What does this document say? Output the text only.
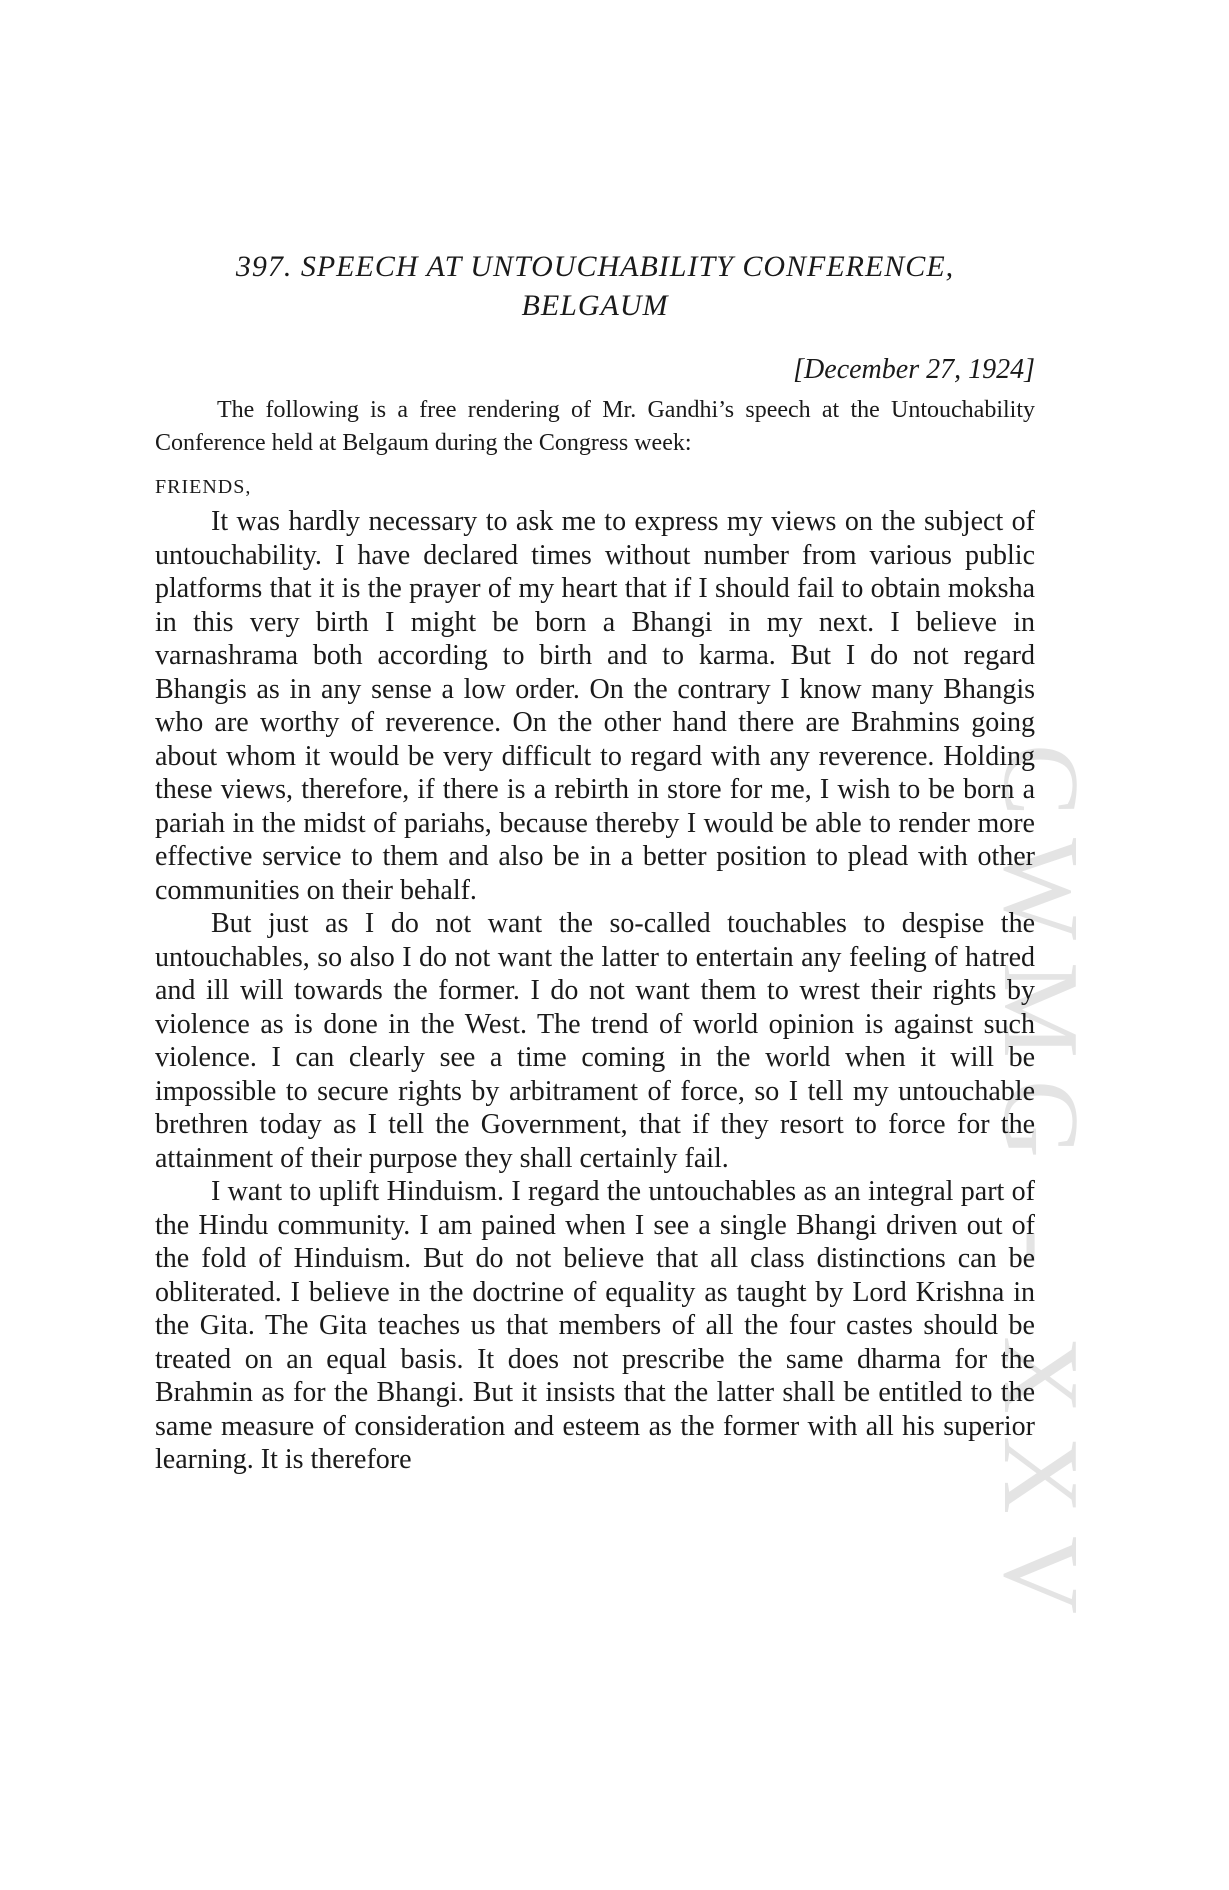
CWMG - XXV
397. SPEECH AT UNTOUCHABILITY CONFERENCE,
BELGAUM

[December 27, 1924]

The following is a free rendering of Mr. Gandhi’s speech at the Untouchability Conference held at Belgaum during the Congress week:

FRIENDS,

It was hardly necessary to ask me to express my views on the subject of untouchability. I have declared times without number from various public platforms that it is the prayer of my heart that if I should fail to obtain moksha in this very birth I might be born a Bhangi in my next. I believe in varnashrama both according to birth and to karma. But I do not regard Bhangis as in any sense a low order. On the contrary I know many Bhangis who are worthy of reverence. On the other hand there are Brahmins going about whom it would be very difficult to regard with any reverence. Holding these views, therefore, if there is a rebirth in store for me, I wish to be born a pariah in the midst of pariahs, because thereby I would be able to render more effective service to them and also be in a better position to plead with other communities on their behalf.

But just as I do not want the so-called touchables to despise the untouchables, so also I do not want the latter to entertain any feeling of hatred and ill will towards the former. I do not want them to wrest their rights by violence as is done in the West. The trend of world opinion is against such violence. I can clearly see a time coming in the world when it will be impossible to secure rights by arbitrament of force, so I tell my untouchable brethren today as I tell the Government, that if they resort to force for the attainment of their purpose they shall certainly fail.

I want to uplift Hinduism. I regard the untouchables as an integral part of the Hindu community. I am pained when I see a single Bhangi driven out of the fold of Hinduism. But do not believe that all class distinctions can be obliterated. I believe in the doctrine of equality as taught by Lord Krishna in the Gita. The Gita teaches us that members of all the four castes should be treated on an equal basis. It does not prescribe the same dharma for the Brahmin as for the Bhangi. But it insists that the latter shall be entitled to the same measure of consideration and esteem as the former with all his superior learning. It is therefore
